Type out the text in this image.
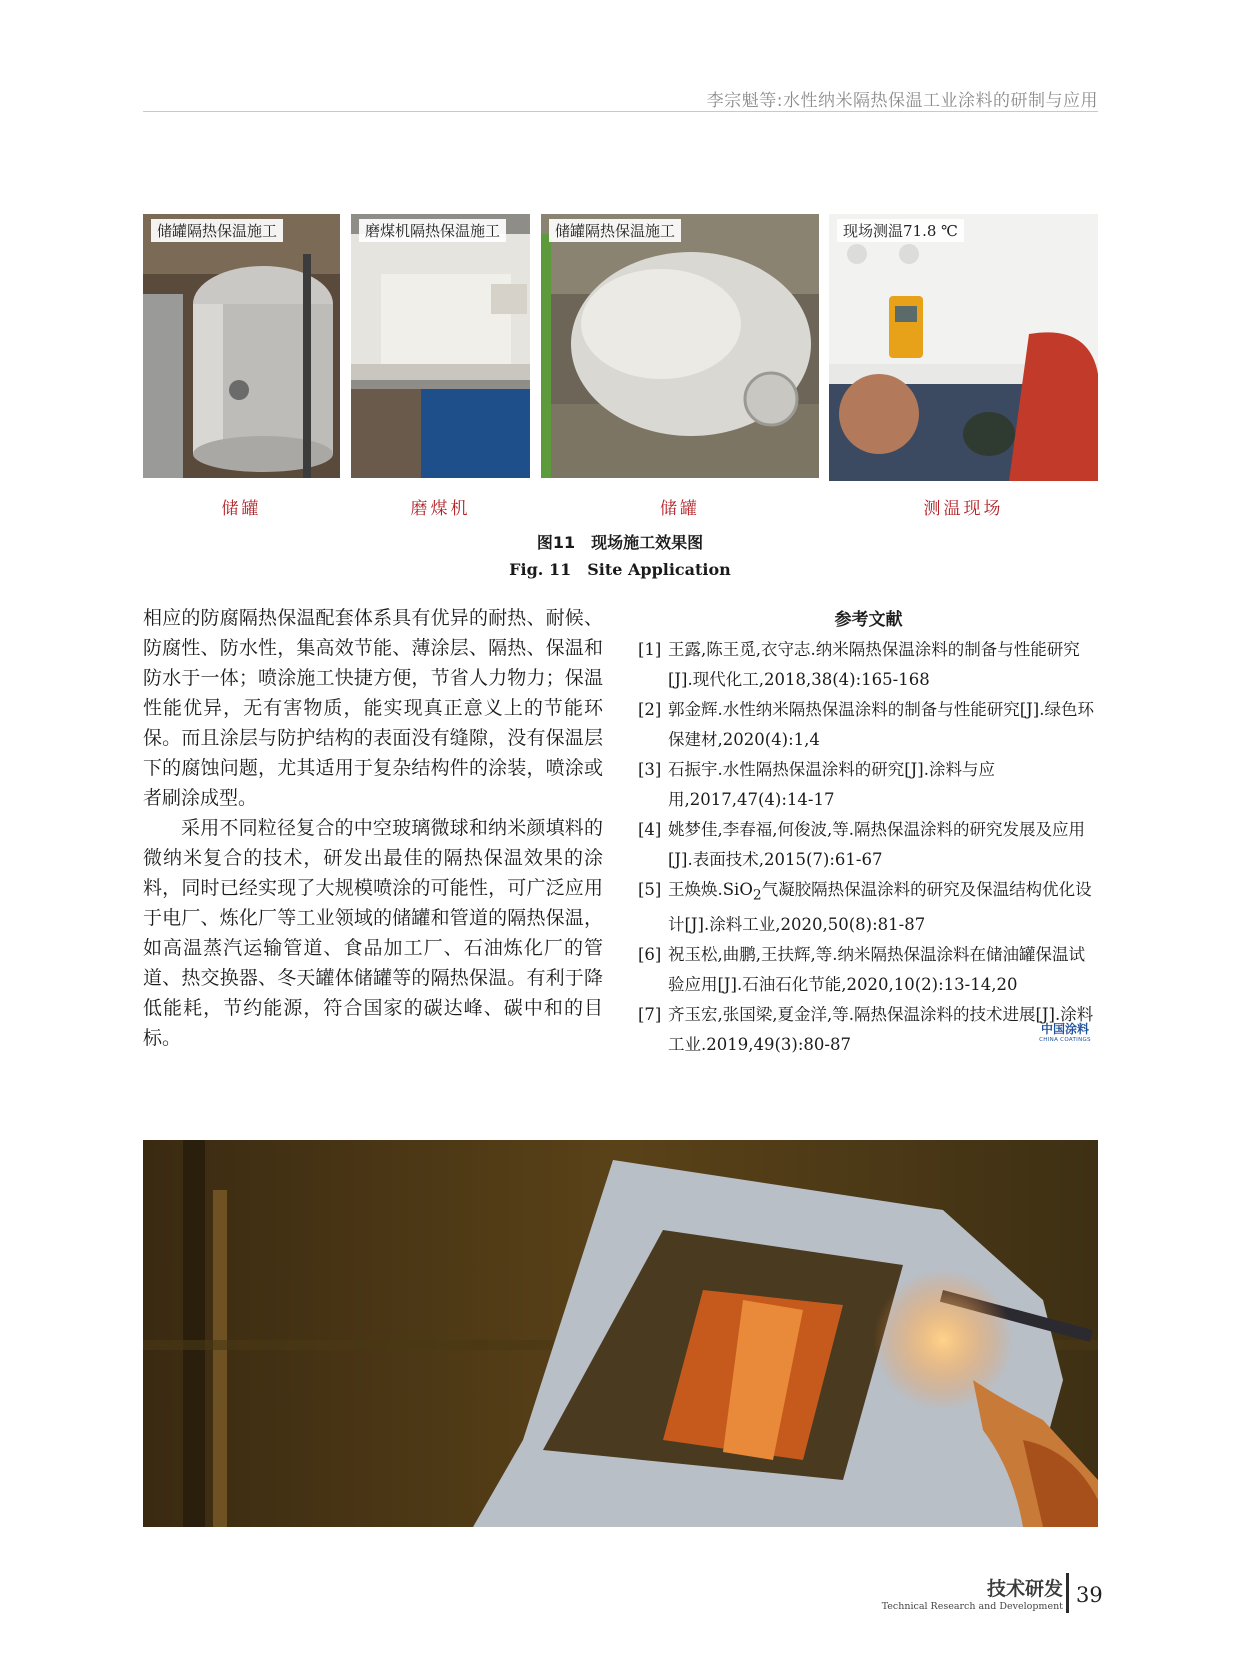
李宗魁等:水性纳米隔热保温工业涂料的研制与应用
储罐隔热保温施工	磨煤机隔热保温施工	储罐隔热保温施工	现场测温71.8 ℃
储罐	磨煤机	储罐	测温现场
图11　现场施工效果图
Fig. 11　Site Application

相应的防腐隔热保温配套体系具有优异的耐热、耐候、防腐性、防水性，集高效节能、薄涂层、隔热、保温和防水于一体；喷涂施工快捷方便，节省人力物力；保温性能优异，无有害物质，能实现真正意义上的节能环保。而且涂层与防护结构的表面没有缝隙，没有保温层下的腐蚀问题，尤其适用于复杂结构件的涂装，喷涂或者刷涂成型。

采用不同粒径复合的中空玻璃微球和纳米颜填料的微纳米复合的技术，研发出最佳的隔热保温效果的涂料，同时已经实现了大规模喷涂的可能性，可广泛应用于电厂、炼化厂等工业领域的储罐和管道的隔热保温，如高温蒸汽运输管道、食品加工厂、石油炼化厂的管道、热交换器、冬天罐体储罐等的隔热保温。有利于降低能耗，节约能源，符合国家的碳达峰、碳中和的目标。

参考文献

[1] 王露,陈王觅,衣守志.纳米隔热保温涂料的制备与性能研究[J].现代化工,2018,38(4):165-168

[2] 郭金辉.水性纳米隔热保温涂料的制备与性能研究[J].绿色环保建材,2020(4):1,4

[3] 石振宇.水性隔热保温涂料的研究[J].涂料与应用,2017,47(4):14-17

[4] 姚梦佳,李春福,何俊波,等.隔热保温涂料的研究发展及应用[J].表面技术,2015(7):61-67

[5] 王焕焕.SiO$_2$气凝胶隔热保温涂料的研究及保温结构优化设计[J].涂料工业,2020,50(8):81-87

[6] 祝玉松,曲鹏,王扶辉,等.纳米隔热保温涂料在储油罐保温试验应用[J].石油石化节能,2020,10(2):13-14,20

[7] 齐玉宏,张国梁,夏金洋,等.隔热保温涂料的技术进展[J].涂料工业.2019,49(3):80-87

中国涂料
CHINA COATINGS
技术研发
Technical Research and Development 39
